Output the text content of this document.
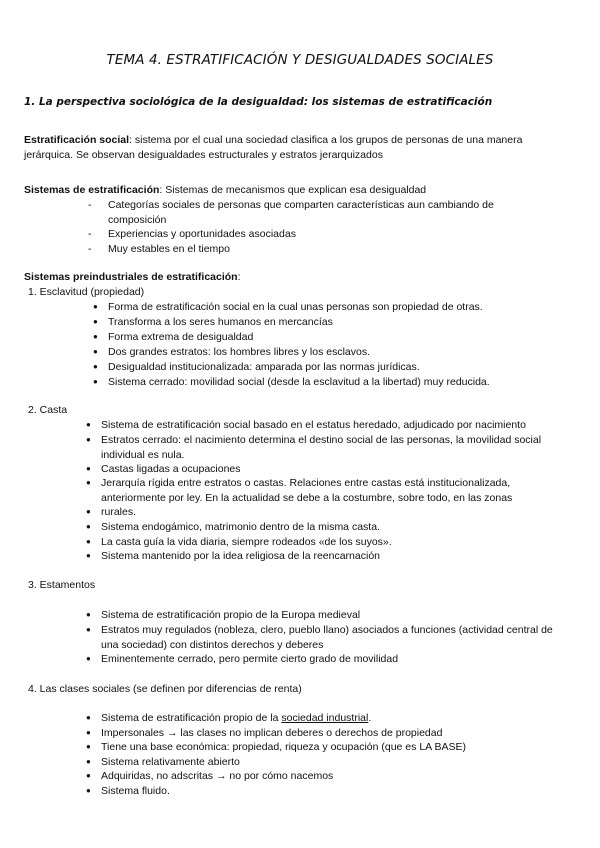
TEMA 4. ESTRATIFICACIÓN Y DESIGUALDADES SOCIALES
1. La perspectiva sociológica de la desigualdad: los sistemas de estratificación
Estratificación social: sistema por el cual una sociedad clasifica a los grupos de personas de una manera
jerárquica. Se observan desigualdades estructurales y estratos jerarquizados
Sistemas de estratificación: Sistemas de mecanismos que explican esa desigualdad
- Categorías sociales de personas que comparten características aun cambiando de composición
- Experiencias y oportunidades asociadas
- Muy estables en el tiempo
Sistemas preindustriales de estratificación:
1. Esclavitud (propiedad)
● Forma de estratificación social en la cual unas personas son propiedad de otras.
● Transforma a los seres humanos en mercancías
● Forma extrema de desigualdad
● Dos grandes estratos: los hombres libres y los esclavos.
● Desigualdad institucionalizada: amparada por las normas jurídicas.
● Sistema cerrado: movilidad social (desde la esclavitud a la libertad) muy reducida.
2. Casta
● Sistema de estratificación social basado en el estatus heredado, adjudicado por nacimiento
● Estratos cerrado: el nacimiento determina el destino social de las personas, la movilidad social individual es nula.
● Castas ligadas a ocupaciones
● Jerarquía rígida entre estratos o castas. Relaciones entre castas está institucionalizada, anteriormente por ley. En la actualidad se debe a la costumbre, sobre todo, en las zonas
● rurales.
● Sistema endogámico, matrimonio dentro de la misma casta.
● La casta guía la vida diaria, siempre rodeados «de los suyos».
● Sistema mantenido por la idea religiosa de la reencarnación
3. Estamentos
● Sistema de estratificación propio de la Europa medieval
● Estratos muy regulados (nobleza, clero, pueblo llano) asociados a funciones (actividad central de una sociedad) con distintos derechos y deberes
● Eminentemente cerrado, pero permite cierto grado de movilidad
4. Las clases sociales (se definen por diferencias de renta)
● Sistema de estratificación propio de la sociedad industrial.
● Impersonales → las clases no implican deberes o derechos de propiedad
● Tiene una base económica: propiedad, riqueza y ocupación (que es LA BASE)
● Sistema relativamente abierto
● Adquiridas, no adscritas → no por cómo nacemos
● Sistema fluido.
